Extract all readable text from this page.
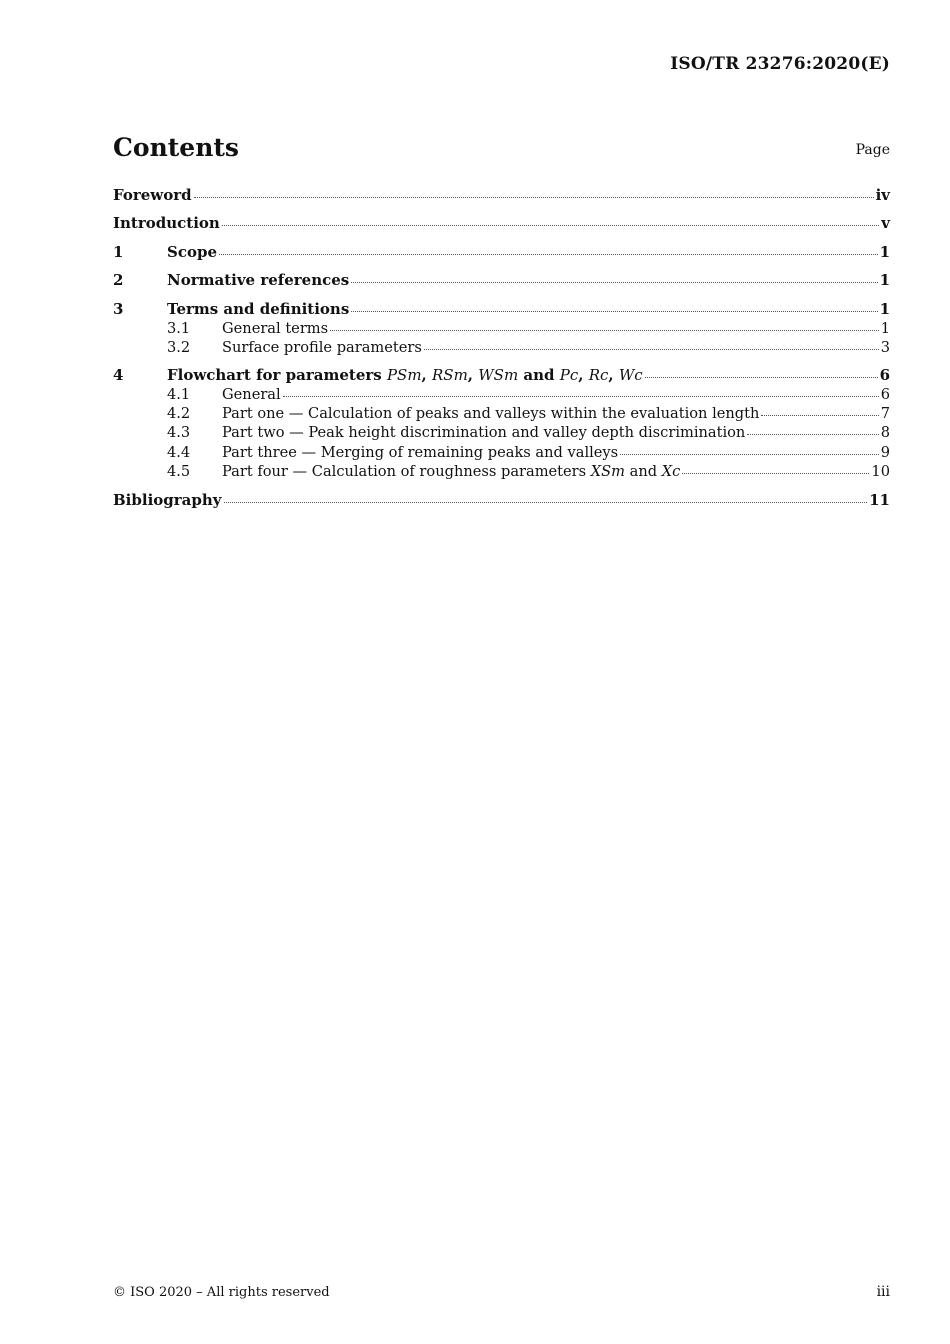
ISO/TR 23276:2020(E)
Contents	Page
Foreword	iv
Introduction	v
1	Scope	1
2	Normative references	1
3	Terms and definitions	1
3.1	General terms	1
3.2	Surface profile parameters	3
4	Flowchart for parameters PSm, RSm, WSm and Pc, Rc, Wc	6
4.1	General	6
4.2	Part one — Calculation of peaks and valleys within the evaluation length	7
4.3	Part two — Peak height discrimination and valley depth discrimination	8
4.4	Part three — Merging of remaining peaks and valleys	9
4.5	Part four — Calculation of roughness parameters XSm and Xc	10
Bibliography	11
© ISO 2020 – All rights reserved	iii
